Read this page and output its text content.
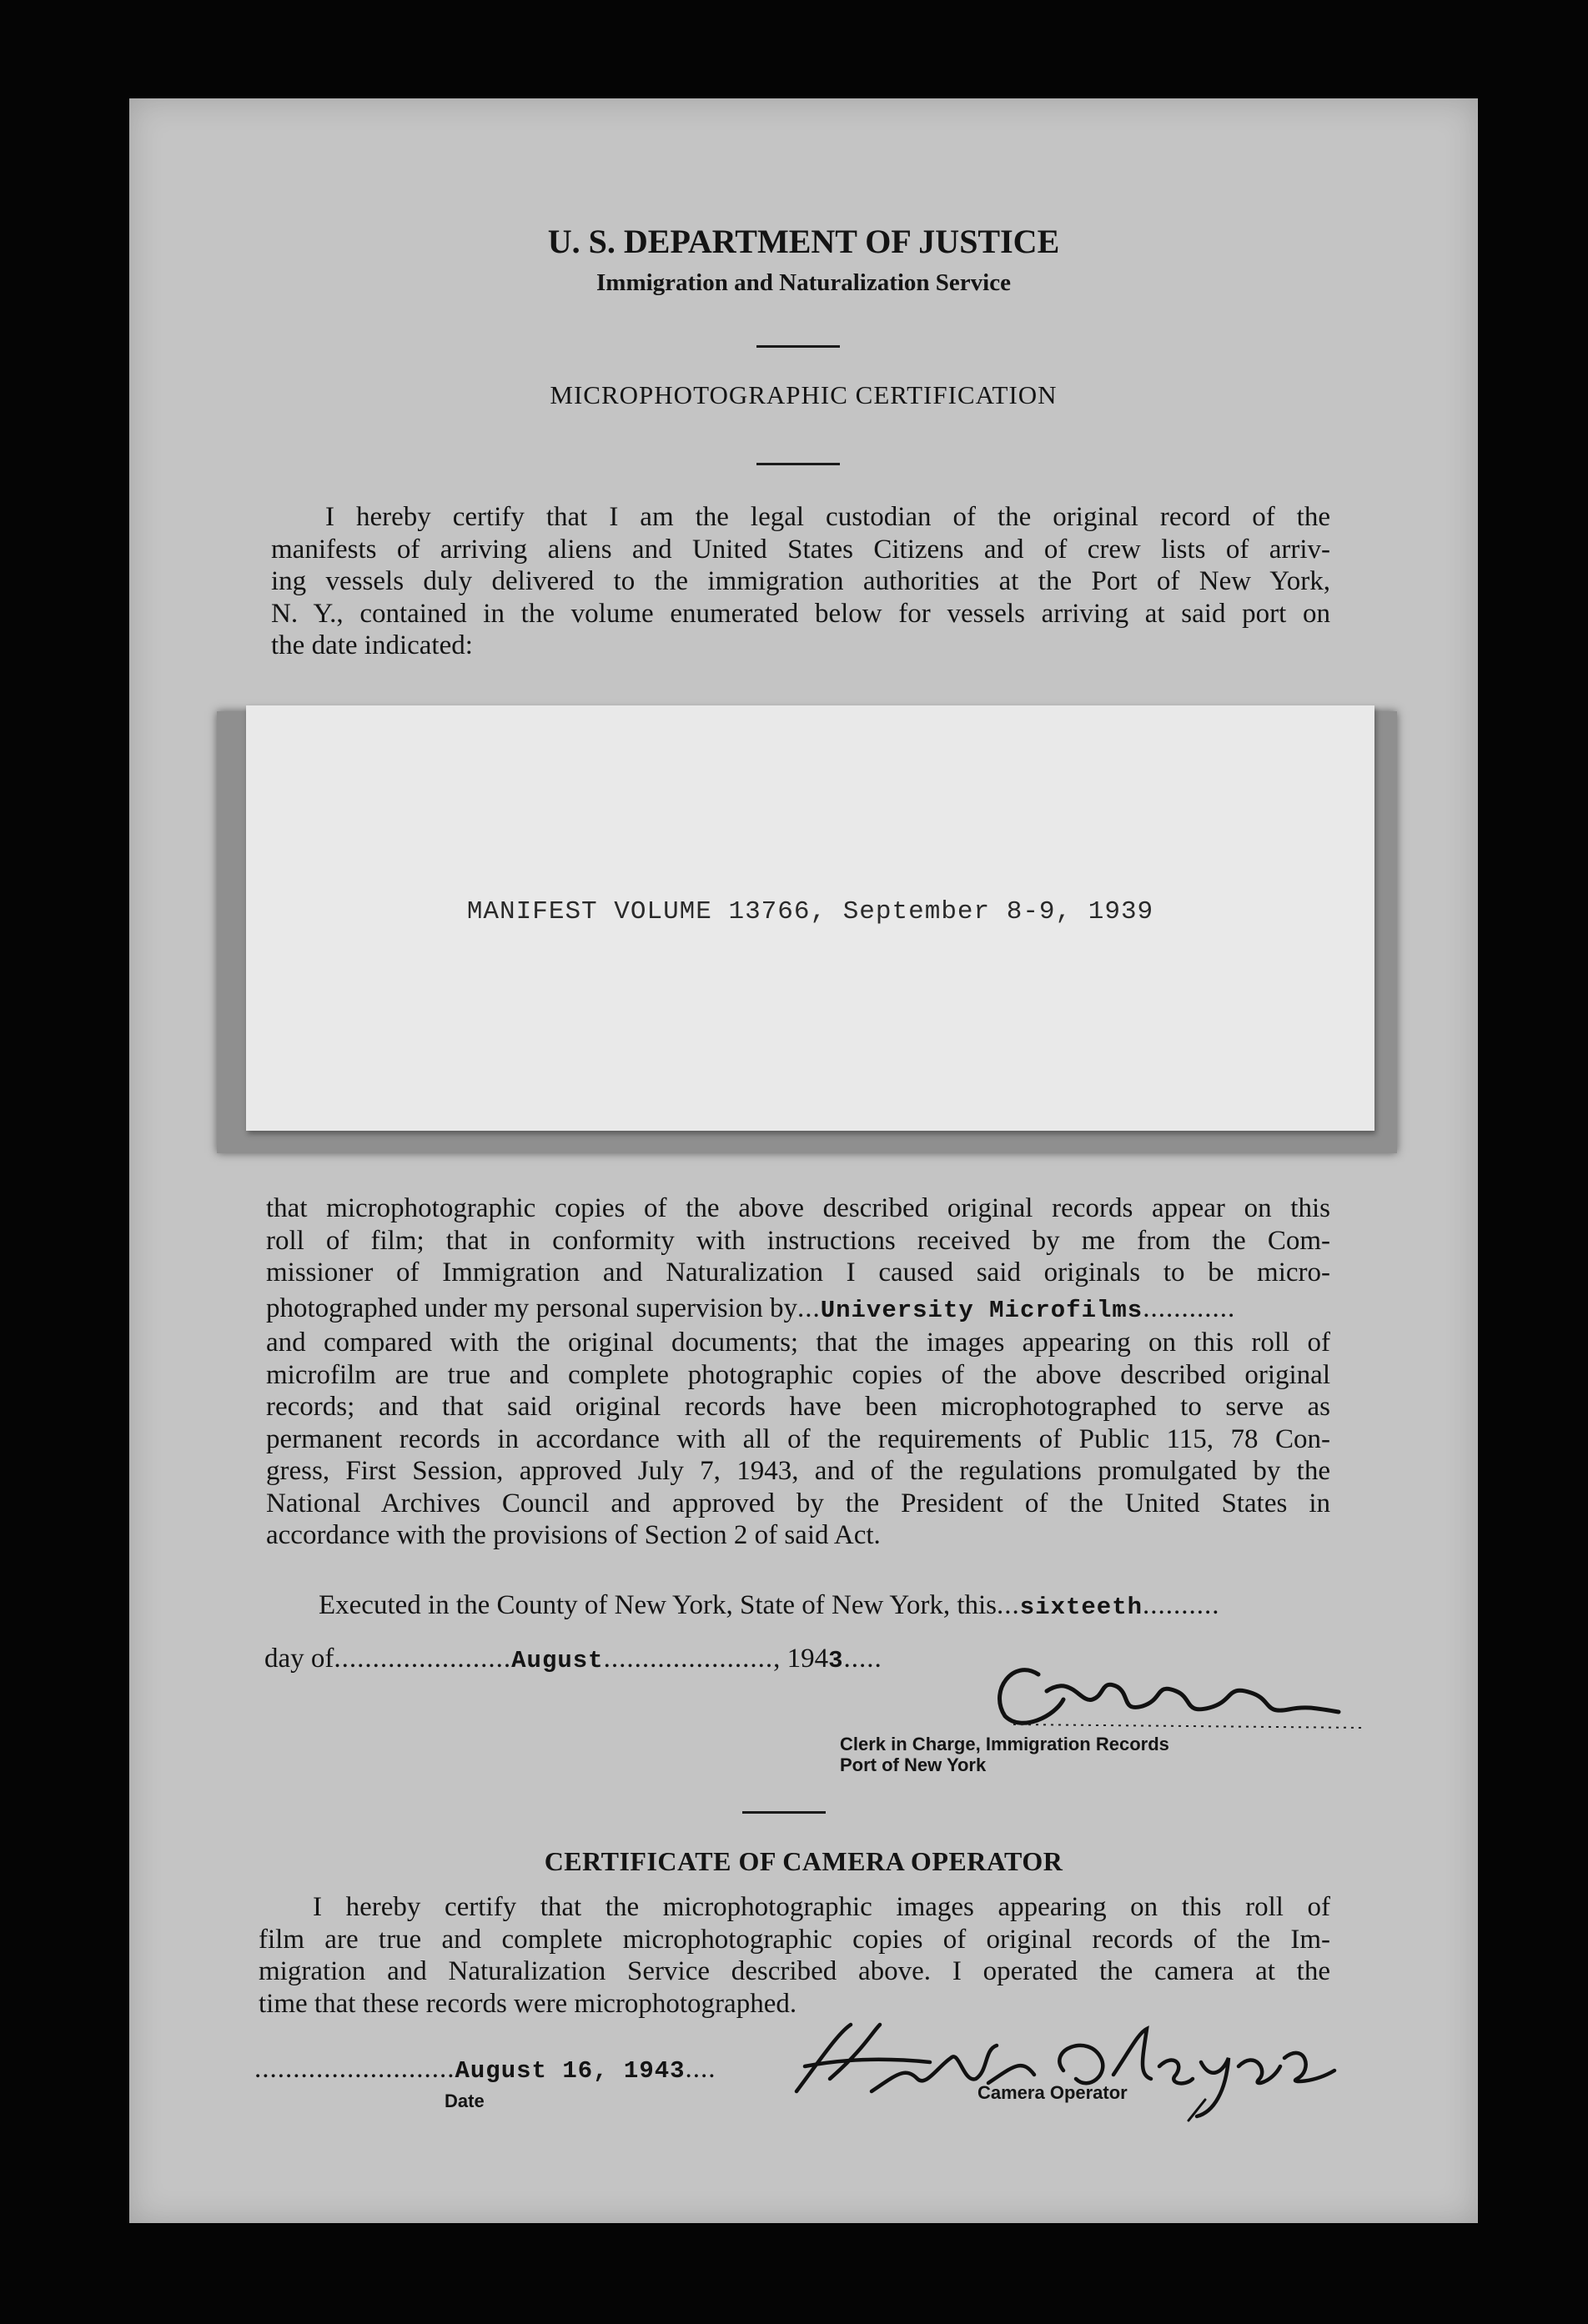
U. S. DEPARTMENT OF JUSTICE
Immigration and Naturalization Service
MICROPHOTOGRAPHIC CERTIFICATION
I hereby certify that I am the legal custodian of the original record of the
manifests of arriving aliens and United States Citizens and of crew lists of arriv-
ing vessels duly delivered to the immigration authorities at the Port of New York,
N. Y., contained in the volume enumerated below for vessels arriving at said port on
the date indicated:
MANIFEST VOLUME 13766, September 8-9, 1939
that microphotographic copies of the above described original records appear on this
roll of film; that in conformity with instructions received by me from the Com-
missioner of Immigration and Naturalization I caused said originals to be micro-
photographed under my personal supervision by...University Microfilms............
and compared with the original documents; that the images appearing on this roll of
microfilm are true and complete photographic copies of the above described original
records; and that said original records have been microphotographed to serve as
permanent records in accordance with all of the requirements of Public 115, 78 Con-
gress, First Session, approved July 7, 1943, and of the regulations promulgated by the
National Archives Council and approved by the President of the United States in
accordance with the provisions of Section 2 of said Act.
Executed in the County of New York, State of New York, this...sixteeth..........
day of.......................August......................, 1943.....
Clerk in Charge, Immigration Records
Port of New York
CERTIFICATE OF CAMERA OPERATOR
I hereby certify that the microphotographic images appearing on this roll of
film are true and complete microphotographic copies of original records of the Im-
migration and Naturalization Service described above. I operated the camera at the
time that these records were microphotographed.
..........................August 16, 1943....
Date	Camera Operator
